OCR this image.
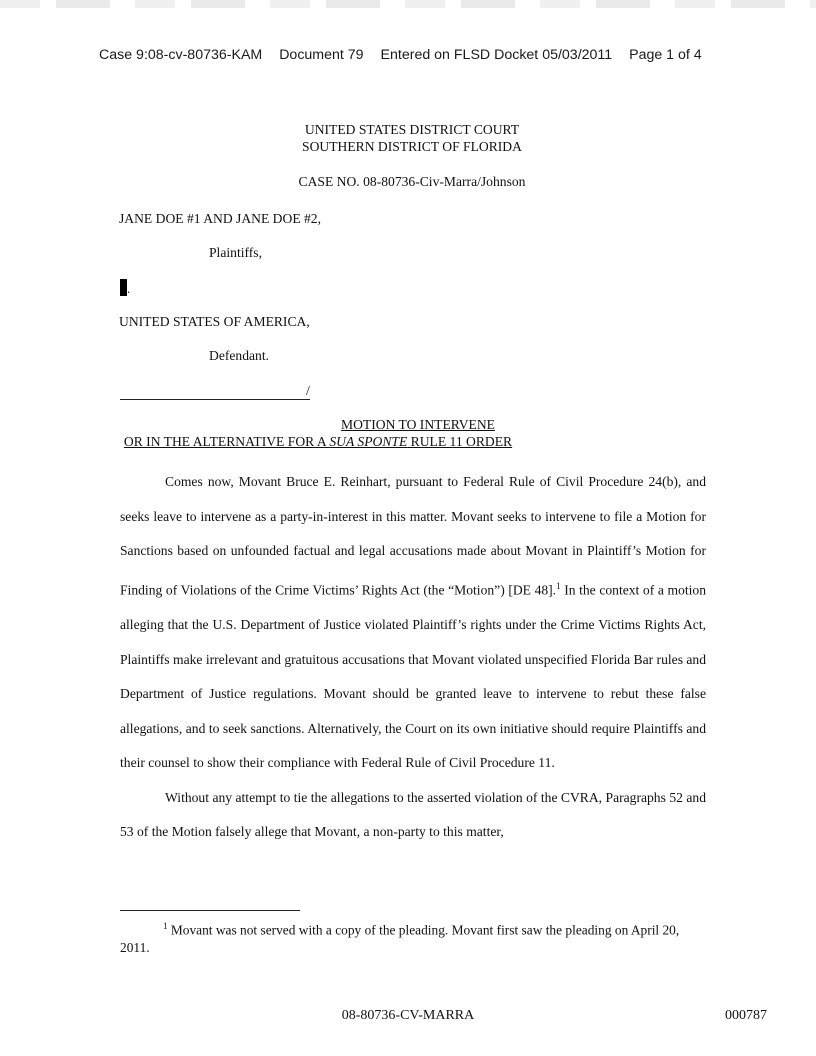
Case 9:08-cv-80736-KAM Document 79 Entered on FLSD Docket 05/03/2011 Page 1 of 4
UNITED STATES DISTRICT COURT
SOUTHERN DISTRICT OF FLORIDA
CASE NO. 08-80736-Civ-Marra/Johnson
JANE DOE #1 AND JANE DOE #2,
Plaintiffs,
.
UNITED STATES OF AMERICA,
Defendant.
/
MOTION TO INTERVENE
OR IN THE ALTERNATIVE FOR A SUA SPONTE RULE 11 ORDER

Comes now, Movant Bruce E. Reinhart, pursuant to Federal Rule of Civil Procedure 24(b), and seeks leave to intervene as a party-in-interest in this matter. Movant seeks to intervene to file a Motion for Sanctions based on unfounded factual and legal accusations made about Movant in Plaintiff’s Motion for Finding of Violations of the Crime Victims’ Rights Act (the “Motion”) [DE 48].$^1$ In the context of a motion alleging that the U.S. Department of Justice violated Plaintiff’s rights under the Crime Victims Rights Act, Plaintiffs make irrelevant and gratuitous accusations that Movant violated unspecified Florida Bar rules and Department of Justice regulations. Movant should be granted leave to intervene to rebut these false allegations, and to seek sanctions. Alternatively, the Court on its own initiative should require Plaintiffs and their counsel to show their compliance with Federal Rule of Civil Procedure 11.

Without any attempt to tie the allegations to the asserted violation of the CVRA, Paragraphs 52 and 53 of the Motion falsely allege that Movant, a non-party to this matter,

$^1$ Movant was not served with a copy of the pleading. Movant first saw the pleading on April 20, 2011.
08-80736-CV-MARRA	000787
